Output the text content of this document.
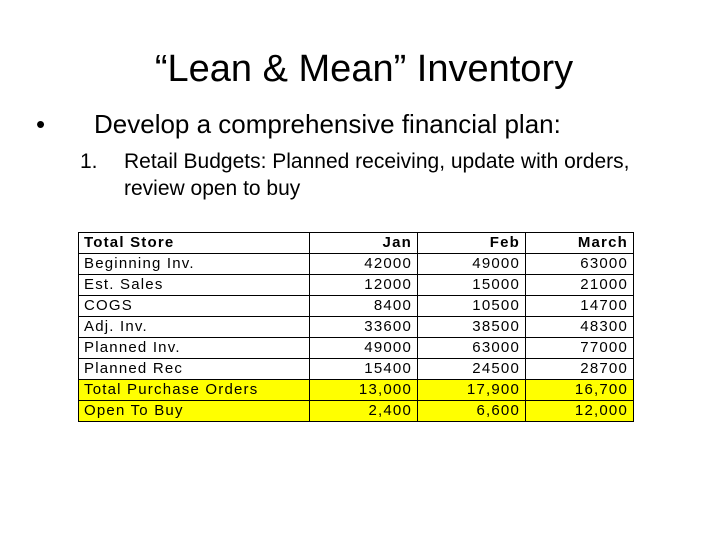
“Lean & Mean” Inventory
• Develop a comprehensive financial plan:
1. Retail Budgets: Planned receiving, update with orders, review open to buy
Total Store	Jan	Feb	March
Beginning Inv.	42000	49000	63000
Est. Sales	12000	15000	21000
COGS	8400	10500	14700
Adj. Inv.	33600	38500	48300
Planned Inv.	49000	63000	77000
Planned Rec	15400	24500	28700
Total Purchase Orders	13,000	17,900	16,700
Open To Buy	2,400	6,600	12,000
